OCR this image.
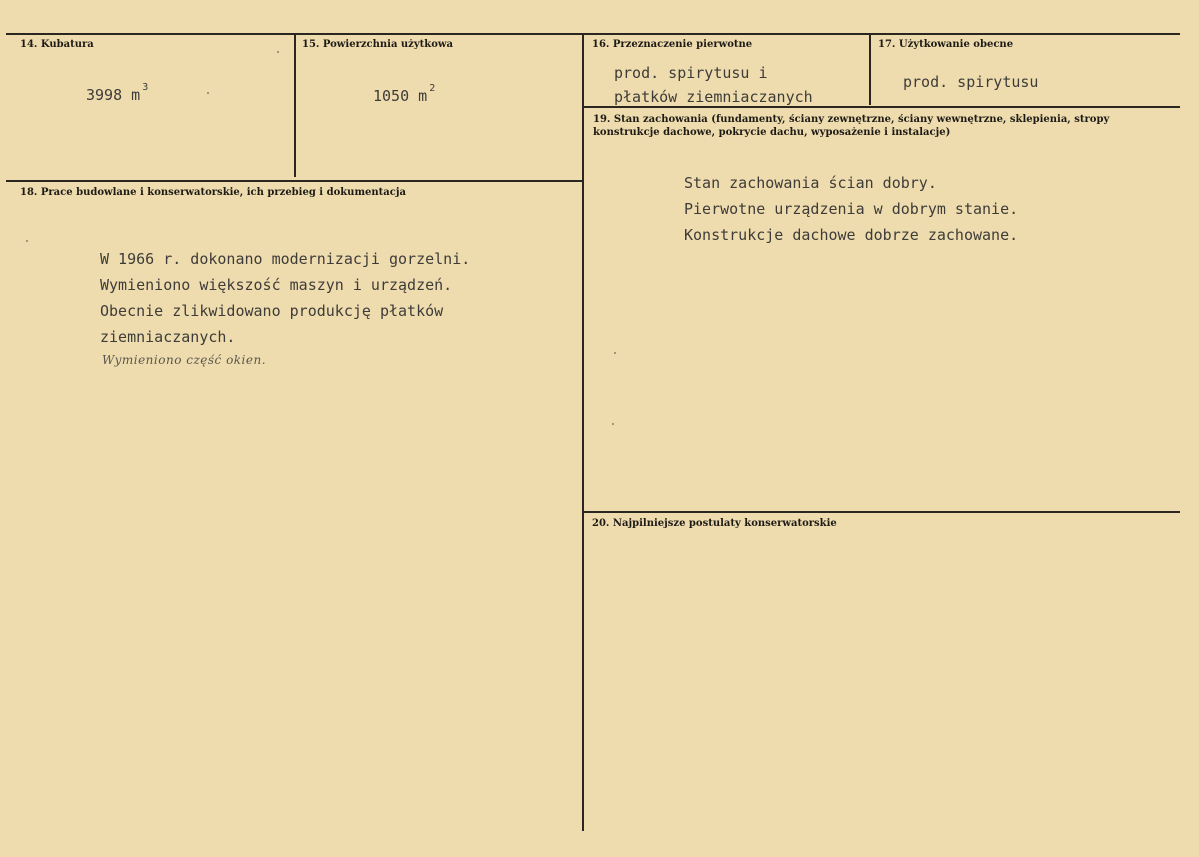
14. Kubatura
3998 m $^3$
15. Powierzchnia użytkowa
1050 m $^2$
16. Przeznaczenie pierwotne
prod. spirytusu i
płatków ziemniaczanych
17. Użytkowanie obecne
prod. spirytusu
18. Prace budowlane i konserwatorskie, ich przebieg i dokumentacja
W 1966 r. dokonano modernizacji gorzelni.
Wymieniono większość maszyn i urządzeń.
Obecnie zlikwidowano produkcję płatków
ziemniaczanych.
Wymieniono część okien.
19. Stan zachowania (fundamenty, ściany zewnętrzne, ściany wewnętrzne, sklepienia, stropy konstrukcje dachowe, pokrycie dachu, wyposażenie i instalacje)
Stan zachowania ścian dobry.
Pierwotne urządzenia w dobrym stanie.
Konstrukcje dachowe dobrze zachowane.
20. Najpilniejsze postulaty konserwatorskie
